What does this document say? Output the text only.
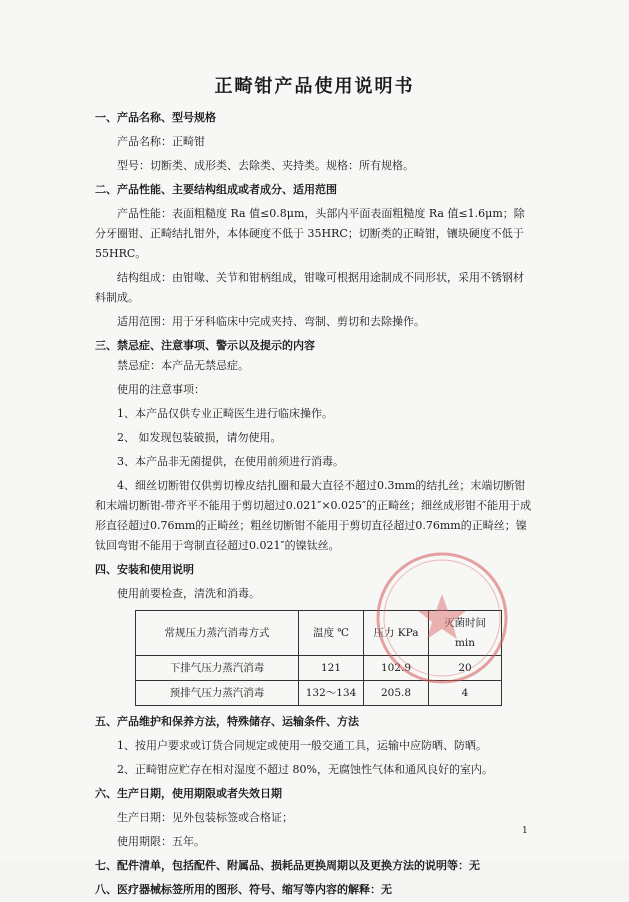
正畸钳产品使用说明书
一、产品名称、型号规格
产品名称：正畸钳
型号：切断类、成形类、去除类、夹持类。规格：所有规格。
二、产品性能、主要结构组成或者成分、适用范围
产品性能：表面粗糙度 Ra 值≤0.8μm，头部内平面表面粗糙度 Ra 值≤1.6μm；除分牙圈钳、正畸结扎钳外，本体硬度不低于 35HRC；切断类的正畸钳，镶块硬度不低于 55HRC。
结构组成：由钳喙、关节和钳柄组成，钳喙可根据用途制成不同形状，采用不锈钢材料制成。
适用范围：用于牙科临床中完成夹持、弯制、剪切和去除操作。
三、禁忌症、注意事项、警示以及提示的内容
禁忌症：本产品无禁忌症。
使用的注意事项：
1、本产品仅供专业正畸医生进行临床操作。
2、 如发现包装破损，请勿使用。
3、本产品非无菌提供，在使用前须进行消毒。
4、细丝切断钳仅供剪切橡皮结扎圈和最大直径不超过0.3mm的结扎丝；末端切断钳和末端切断钳-带齐平不能用于剪切超过0.021″×0.025″的正畸丝；细丝成形钳不能用于成形直径超过0.76mm的正畸丝；粗丝切断钳不能用于剪切直径超过0.76mm的正畸丝；镍钛回弯钳不能用于弯制直径超过0.021″的镍钛丝。
四、安装和使用说明
使用前要检查，清洗和消毒。
常规压力蒸汽消毒方式	温度 ℃	压力 KPa	灭菌时间 min
下排气压力蒸汽消毒	121	102.9	20
预排气压力蒸汽消毒	132～134	205.8	4
五、产品维护和保养方法，特殊储存、运输条件、方法
1、按用户要求或订货合同规定或使用一般交通工具，运输中应防晒、防晒。
2、正畸钳应贮存在相对湿度不超过 80%，无腐蚀性气体和通风良好的室内。
六、生产日期，使用期限或者失效日期
生产日期：见外包装标签或合格证；
使用期限：五年。
七、配件清单，包括配件、附属品、损耗品更换周期以及更换方法的说明等：无
八、医疗器械标签所用的图形、符号、缩写等内容的解释：无
1
